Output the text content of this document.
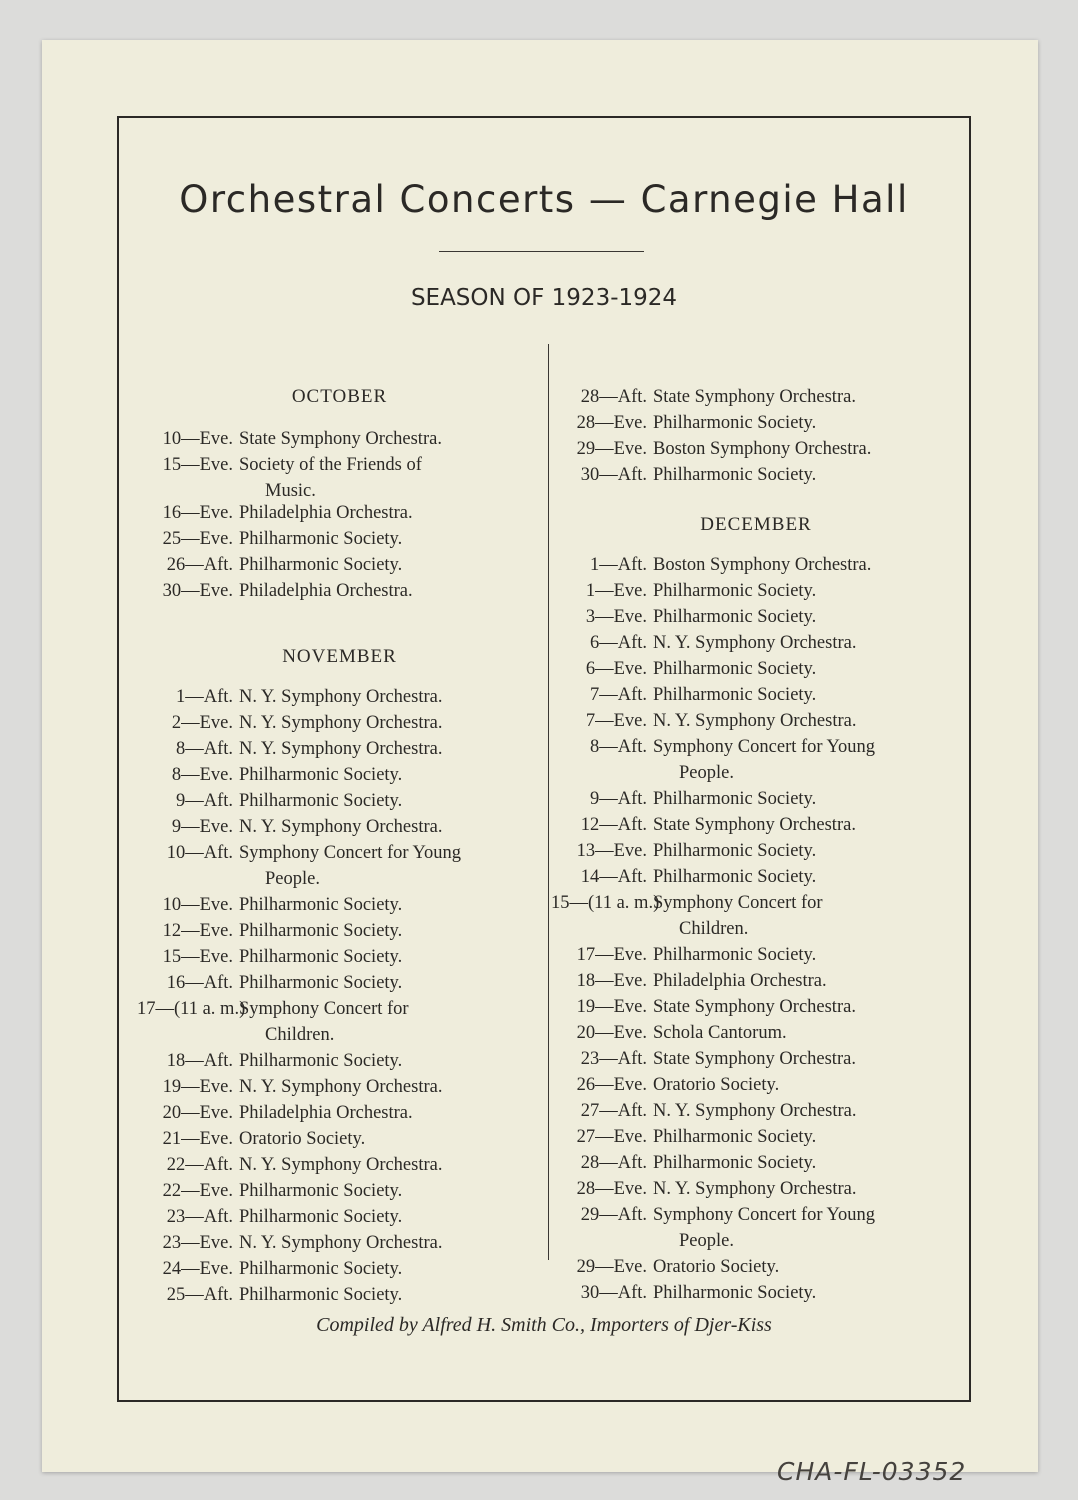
Orchestral Concerts — Carnegie Hall
SEASON OF 1923-1924
OCTOBER
NOVEMBER
10—Eve. State Symphony Orchestra.
15—Eve. Society of the Friends of
Music.
16—Eve. Philadelphia Orchestra.
25—Eve. Philharmonic Society.
26—Aft. Philharmonic Society.
30—Eve. Philadelphia Orchestra.
1—Aft. N. Y. Symphony Orchestra.
2—Eve. N. Y. Symphony Orchestra.
8—Aft. N. Y. Symphony Orchestra.
8—Eve. Philharmonic Society.
9—Aft. Philharmonic Society.
9—Eve. N. Y. Symphony Orchestra.
10—Aft. Symphony Concert for Young
People.
10—Eve. Philharmonic Society.
12—Eve. Philharmonic Society.
15—Eve. Philharmonic Society.
16—Aft. Philharmonic Society.
17—(11 a. m.)
Symphony Concert for
Children.
18—Aft. Philharmonic Society.
19—Eve. N. Y. Symphony Orchestra.
20—Eve. Philadelphia Orchestra.
21—Eve. Oratorio Society.
22—Aft. N. Y. Symphony Orchestra.
22—Eve. Philharmonic Society.
23—Aft. Philharmonic Society.
23—Eve. N. Y. Symphony Orchestra.
24—Eve. Philharmonic Society.
25—Aft. Philharmonic Society.
DECEMBER
28—Aft. State Symphony Orchestra.
28—Eve. Philharmonic Society.
29—Eve. Boston Symphony Orchestra.
30—Aft. Philharmonic Society.
1—Aft. Boston Symphony Orchestra.
1—Eve. Philharmonic Society.
3—Eve. Philharmonic Society.
6—Aft. N. Y. Symphony Orchestra.
6—Eve. Philharmonic Society.
7—Aft. Philharmonic Society.
7—Eve. N. Y. Symphony Orchestra.
8—Aft. Symphony Concert for Young
People.
9—Aft. Philharmonic Society.
12—Aft. State Symphony Orchestra.
13—Eve. Philharmonic Society.
14—Aft. Philharmonic Society.
15—(11 a. m.)
Symphony Concert for
Children.
17—Eve. Philharmonic Society.
18—Eve. Philadelphia Orchestra.
19—Eve. State Symphony Orchestra.
20—Eve. Schola Cantorum.
23—Aft. State Symphony Orchestra.
26—Eve. Oratorio Society.
27—Aft. N. Y. Symphony Orchestra.
27—Eve. Philharmonic Society.
28—Aft. Philharmonic Society.
28—Eve. N. Y. Symphony Orchestra.
29—Aft. Symphony Concert for Young
People.
29—Eve. Oratorio Society.
30—Aft. Philharmonic Society.
Compiled by Alfred H. Smith Co., Importers of Djer-Kiss
CHA-FL-03352
